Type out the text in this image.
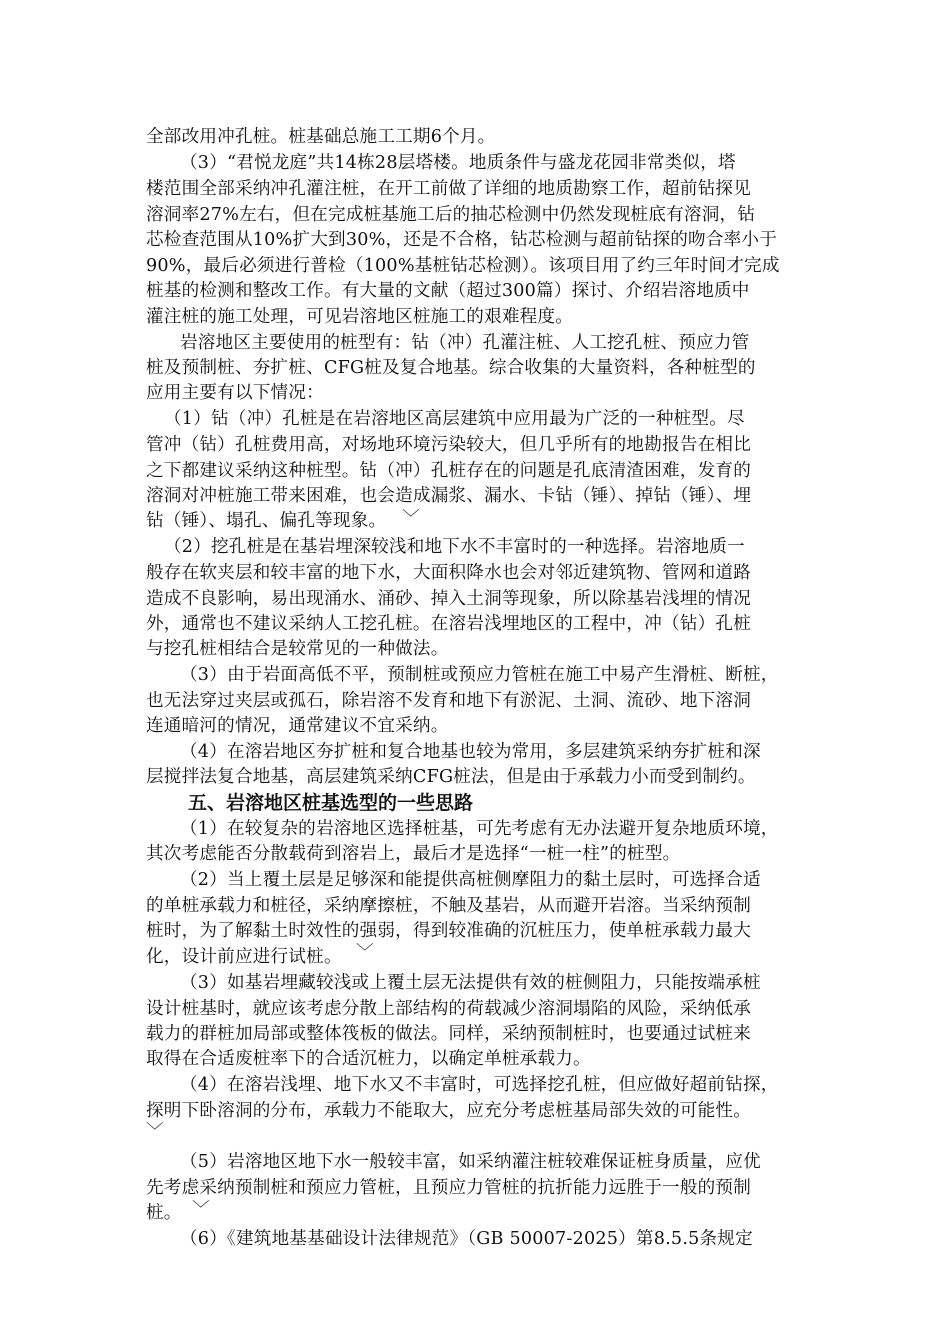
全部改用冲孔桩。桩基础总施工工期6个月。
（3）“君悦龙庭”共14栋28层塔楼。地质条件与盛龙花园非常类似，塔
楼范围全部采纳冲孔灌注桩，在开工前做了详细的地质勘察工作，超前钻探见
溶洞率27%左右，但在完成桩基施工后的抽芯检测中仍然发现桩底有溶洞，钻
芯检查范围从10%扩大到30%，还是不合格，钻芯检测与超前钻探的吻合率小于
90%，最后必须进行普检（100%基桩钻芯检测）。该项目用了约三年时间才完成
桩基的检测和整改工作。有大量的文献（超过300篇）探讨、介绍岩溶地质中
灌注桩的施工处理，可见岩溶地区桩施工的艰难程度。
岩溶地区主要使用的桩型有：钻（冲）孔灌注桩、人工挖孔桩、预应力管
桩及预制桩、夯扩桩、CFG桩及复合地基。综合收集的大量资料，各种桩型的
应用主要有以下情况：
（1）钻（冲）孔桩是在岩溶地区高层建筑中应用最为广泛的一种桩型。尽
管冲（钻）孔桩费用高，对场地环境污染较大，但几乎所有的地勘报告在相比
之下都建议采纳这种桩型。钻（冲）孔桩存在的问题是孔底清渣困难，发育的
溶洞对冲桩施工带来困难，也会造成漏浆、漏水、卡钻（锤）、掉钻（锤）、埋
钻（锤）、塌孔、偏孔等现象。 ﹀
（2）挖孔桩是在基岩埋深较浅和地下水不丰富时的一种选择。岩溶地质一
般存在软夹层和较丰富的地下水，大面积降水也会对邻近建筑物、管网和道路
造成不良影响，易出现涌水、涌砂、掉入土洞等现象，所以除基岩浅埋的情况
外，通常也不建议采纳人工挖孔桩。在溶岩浅埋地区的工程中，冲（钻）孔桩
与挖孔桩相结合是较常见的一种做法。
（3）由于岩面高低不平，预制桩或预应力管桩在施工中易产生滑桩、断桩，
也无法穿过夹层或孤石，除岩溶不发育和地下有淤泥、土洞、流砂、地下溶洞
连通暗河的情况，通常建议不宜采纳。
（4）在溶岩地区夯扩桩和复合地基也较为常用，多层建筑采纳夯扩桩和深
层搅拌法复合地基，高层建筑采纳CFG桩法，但是由于承载力小而受到制约。
五、岩溶地区桩基选型的一些思路
（1）在较复杂的岩溶地区选择桩基，可先考虑有无办法避开复杂地质环境，
其次考虑能否分散载荷到溶岩上，最后才是选择“一桩一柱”的桩型。
（2）当上覆土层是足够深和能提供高桩侧摩阻力的黏土层时，可选择合适
的单桩承载力和桩径，采纳摩擦桩，不触及基岩，从而避开岩溶。当采纳预制
桩时，为了解黏土时效性的强弱，得到较准确的沉桩压力，使单桩承载力最大
化，设计前应进行试桩。 ﹀
（3）如基岩埋藏较浅或上覆土层无法提供有效的桩侧阻力，只能按端承桩
设计桩基时，就应该考虑分散上部结构的荷载减少溶洞塌陷的风险，采纳低承
载力的群桩加局部或整体筏板的做法。同样，采纳预制桩时，也要通过试桩来
取得在合适废桩率下的合适沉桩力，以确定单桩承载力。
（4）在溶岩浅埋、地下水又不丰富时，可选择挖孔桩，但应做好超前钻探，
探明下卧溶洞的分布，承载力不能取大，应充分考虑桩基局部失效的可能性。
﹀
（5）岩溶地区地下水一般较丰富，如采纳灌注桩较难保证桩身质量，应优
先考虑采纳预制桩和预应力管桩，且预应力管桩的抗折能力远胜于一般的预制
桩。 ﹀
（6）《建筑地基基础设计法律规范》（GB 50007-2025）第8.5.5条规定
